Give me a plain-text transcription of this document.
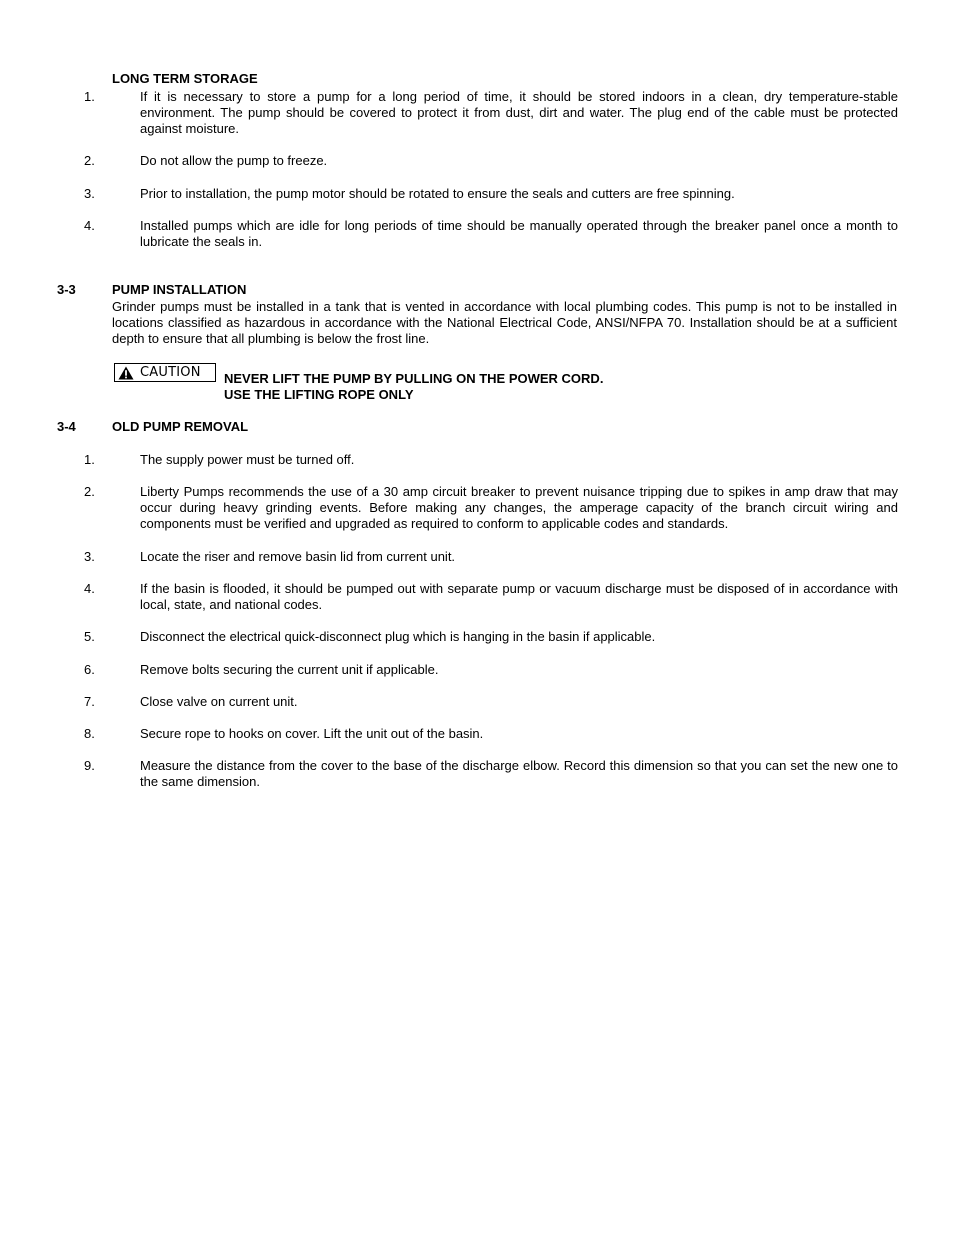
LONG TERM STORAGE
1.	If it is necessary to store a pump for a long period of time, it should be stored indoors in a clean, dry temperature-stable environment. The pump should be covered to protect it from dust, dirt and water. The plug end of the cable must be protected against moisture.
2.	Do not allow the pump to freeze.
3.	Prior to installation, the pump motor should be rotated to ensure the seals and cutters are free spinning.
4.	Installed pumps which are idle for long periods of time should be manually operated through the breaker panel once a month to lubricate the seals in.
3-3	PUMP INSTALLATION
Grinder pumps must be installed in a tank that is vented in accordance with local plumbing codes. This pump is not to be installed in locations classified as hazardous in accordance with the National Electrical Code, ANSI/NFPA 70. Installation should be at a sufficient depth to ensure that all plumbing is below the frost line.
CAUTION NEVER LIFT THE PUMP BY PULLING ON THE POWER CORD.
USE THE LIFTING ROPE ONLY
3-4	OLD PUMP REMOVAL
1.	The supply power must be turned off.
2.	Liberty Pumps recommends the use of a 30 amp circuit breaker to prevent nuisance tripping due to spikes in amp draw that may occur during heavy grinding events. Before making any changes, the amperage capacity of the branch circuit wiring and components must be verified and upgraded as required to conform to applicable codes and standards.
3.	Locate the riser and remove basin lid from current unit.
4.	If the basin is flooded, it should be pumped out with separate pump or vacuum discharge must be disposed of in accordance with local, state, and national codes.
5.	Disconnect the electrical quick-disconnect plug which is hanging in the basin if applicable.
6.	Remove bolts securing the current unit if applicable.
7.	Close valve on current unit.
8.	Secure rope to hooks on cover. Lift the unit out of the basin.
9.	Measure the distance from the cover to the base of the discharge elbow. Record this dimension so that you can set the new one to the same dimension.
